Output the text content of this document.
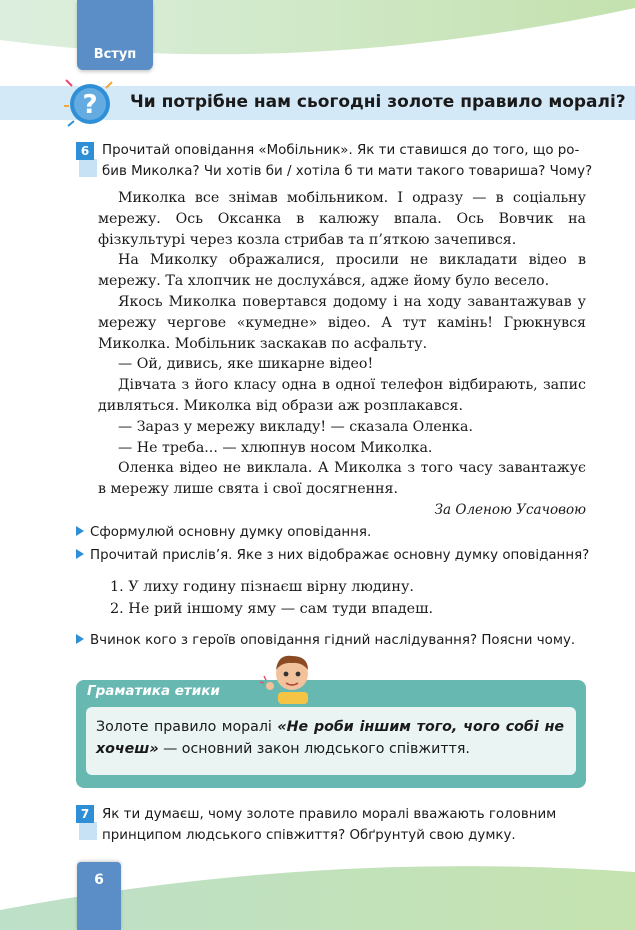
Вступ
? Чи потрібне нам сьогодні золоте правило моралі?
6 Прочитай оповідання «Мобільник». Як ти ставишся до того, що ро-
бив Миколка? Чи хотів би / хотіла б ти мати такого товариша? Чому?

Миколка все знімав мобільником. І одразу — в соціальну мережу. Ось Оксанка в калюжу впала. Ось Вовчик на фізкультурі через козла стрибав та п’яткою зачепився.

На Миколку ображалися, просили не викладати відео в мережу. Та хлопчик не дослухáвся, адже йому було весело.

Якось Миколка повертався додому і на ходу завантажував у мережу чергове «кумедне» відео. А тут камінь! Грюкнувся Миколка. Мобільник заскакав по асфальту.

— Ой, дивись, яке шикарне відео!

Дівчата з його класу одна в одної телефон відбирають, запис дивляться. Миколка від образи аж розплакався.

— Зараз у мережу викладу! — сказала Оленка.

— Не треба... — хлюпнув носом Миколка.

Оленка відео не виклала. А Миколка з того часу завантажує в мережу лише свята і свої досягнення.

За Оленою Усачовою

Сформулюй основну думку оповідання.
Прочитай прислів’я. Яке з них відображає основну думку оповідання?
1. У лиху годину пізнаєш вірну людину.
2. Не рий іншому яму — сам туди впадеш.
Вчинок кого з героїв оповідання гідний наслідування? Поясни чому.
Граматика етики
Золоте правило моралі «Не роби іншим того, чого собі не хочеш» — основний закон людського співжиття.
7 Як ти думаєш, чому золоте правило моралі вважають головним
принципом людського співжиття? Обґрунтуй свою думку.
6
